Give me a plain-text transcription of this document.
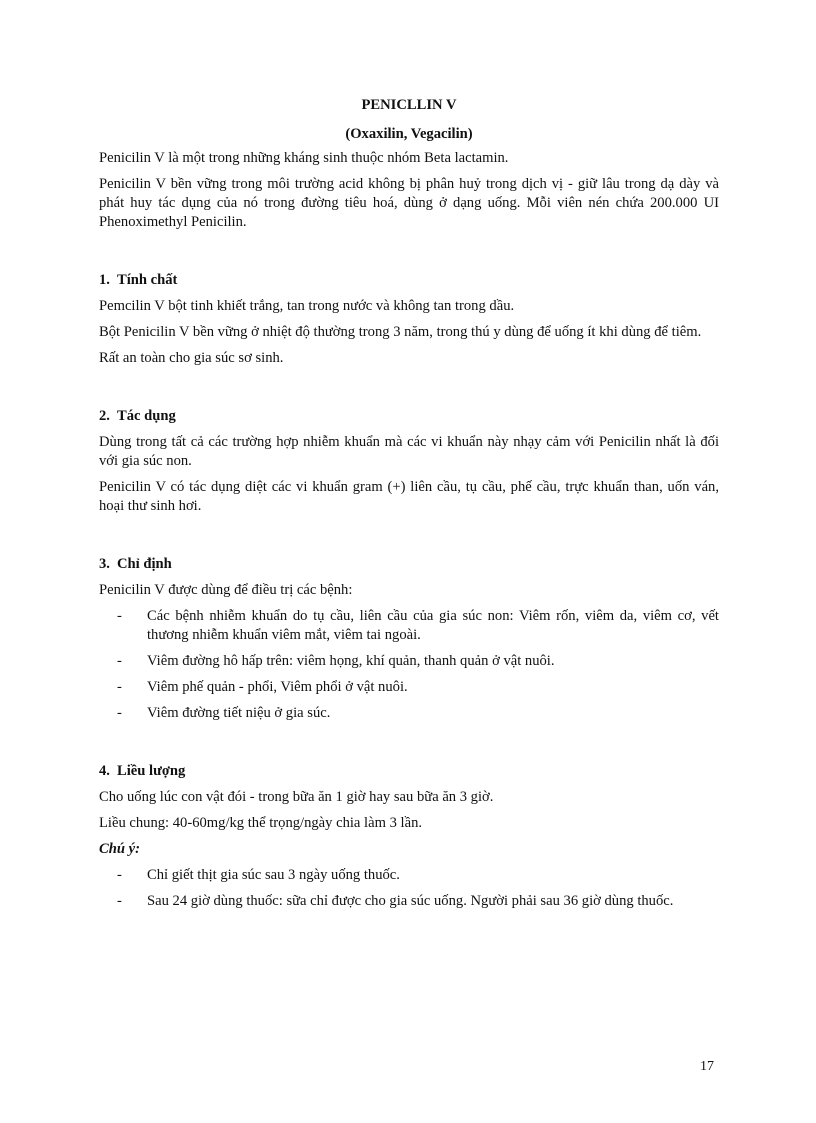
PENICLLIN V

(Oxaxilin, Vegacilin)

Penicilin V là một trong những kháng sinh thuộc nhóm Beta lactamin.

Penicilin V bền vững trong môi trường acid không bị phân huỷ trong dịch vị - giữ lâu trong dạ dày và phát huy tác dụng của nó trong đường tiêu hoá, dùng ở dạng uống. Mỗi viên nén chứa 200.000 UI Phenoximethyl Penicilin.

1. Tính chất

Pemcilin V bột tinh khiết trắng, tan trong nước và không tan trong dầu.

Bột Penicilin V bền vững ở nhiệt độ thường trong 3 năm, trong thú y dùng để uống ít khi dùng để tiêm.

Rất an toàn cho gia súc sơ sinh.

2. Tác dụng

Dùng trong tất cả các trường hợp nhiễm khuẩn mà các vi khuẩn này nhạy cảm với Penicilin nhất là đối với gia súc non.

Penicilin V có tác dụng diệt các vi khuẩn gram (+) liên cầu, tụ cầu, phế cầu, trực khuẩn than, uốn ván, hoại thư sinh hơi.

3. Chỉ định

Penicilin V được dùng để điều trị các bệnh:

-	Các bệnh nhiễm khuẩn do tụ cầu, liên cầu của gia súc non: Viêm rốn, viêm da, viêm cơ, vết thương nhiễm khuẩn viêm mắt, viêm tai ngoài.
-	Viêm đường hô hấp trên: viêm họng, khí quản, thanh quản ở vật nuôi.
-	Viêm phế quản - phổi, Viêm phổi ở vật nuôi.
-	Viêm đường tiết niệu ở gia súc.
4. Liều lượng

Cho uống lúc con vật đói - trong bữa ăn 1 giờ hay sau bữa ăn 3 giờ.

Liều chung: 40-60mg/kg thể trọng/ngày chia làm 3 lần.

Chú ý:

-	Chỉ giết thịt gia súc sau 3 ngày uống thuốc.
-	Sau 24 giờ dùng thuốc: sữa chỉ được cho gia súc uống. Người phải sau 36 giờ dùng thuốc.
17
